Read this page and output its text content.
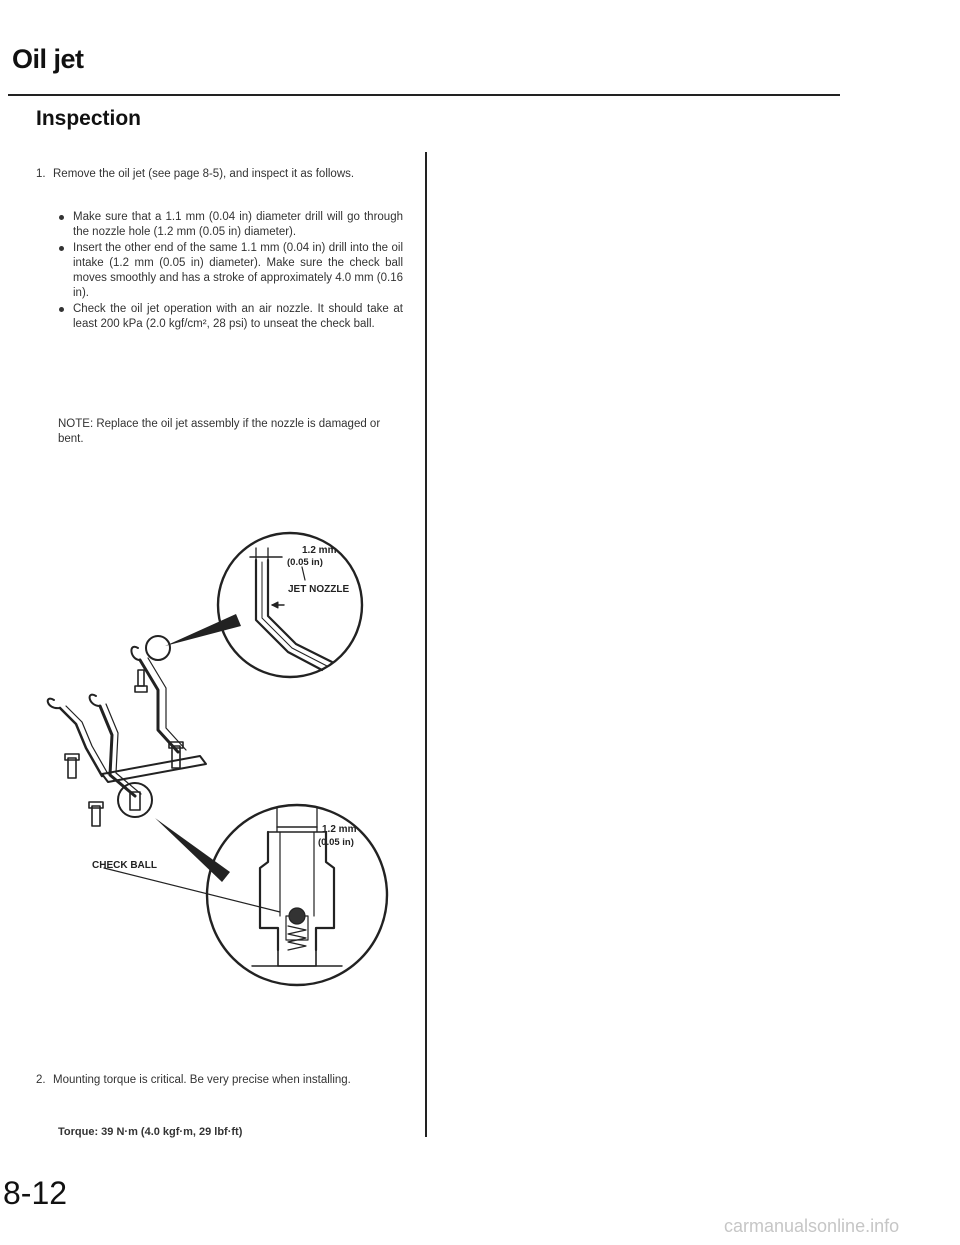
Oil jet
Inspection
1. Remove the oil jet (see page 8-5), and inspect it as follows.
Make sure that a 1.1 mm (0.04 in) diameter drill will go through the nozzle hole (1.2 mm (0.05 in) diameter).
Insert the other end of the same 1.1 mm (0.04 in) drill into the oil intake (1.2 mm (0.05 in) diameter). Make sure the check ball moves smoothly and has a stroke of approximately 4.0 mm (0.16 in).
Check the oil jet operation with an air nozzle. It should take at least 200 kPa (2.0 kgf/cm², 28 psi) to unseat the check ball.
NOTE: Replace the oil jet assembly if the nozzle is damaged or bent.
1.2 mm
(0.05 in)
JET NOZZLE
1.2 mm
(0.05 in)
CHECK BALL
2. Mounting torque is critical. Be very precise when installing.
Torque: 39 N·m (4.0 kgf·m, 29 lbf·ft)
8-12
carmanualsonline.info
